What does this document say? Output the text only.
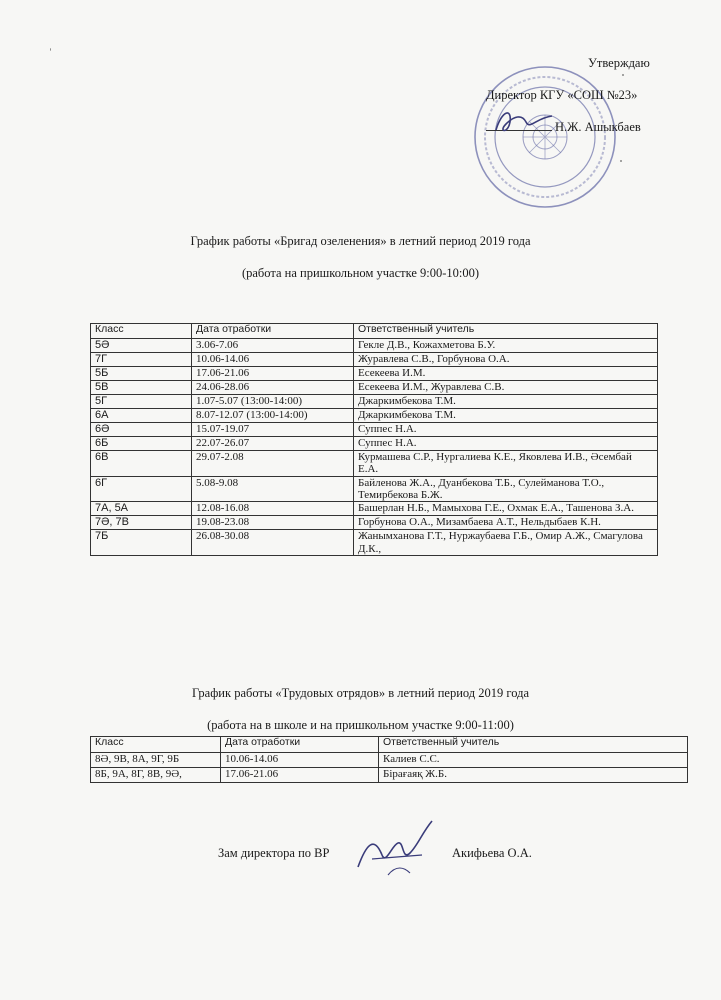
Утверждаю
Директор КГУ «СОШ №23»
Н.Ж. Ашыкбаев
График работы «Бригад озеленения» в летний период 2019 года
(работа на пришкольном участке 9:00-10:00)
Класс	Дата отработки	Ответственный учитель
5Ә	3.06-7.06	Гекле Д.В., Кожахметова Б.У.
7Г	10.06-14.06	Журавлева С.В., Горбунова О.А.
5Б	17.06-21.06	Есекеева И.М.
5В	24.06-28.06	Есекеева И.М., Журавлева С.В.
5Г	1.07-5.07 (13:00-14:00)	Джаркимбекова Т.М.
6А	8.07-12.07 (13:00-14:00)	Джаркимбекова Т.М.
6Ә	15.07-19.07	Суппес Н.А.
6Б	22.07-26.07	Суппес Н.А.
6В	29.07-2.08	Курмашева С.Р., Нургалиева К.Е., Яковлева И.В., Әсембай Е.А.
6Г	5.08-9.08	Байленова Ж.А., Дуанбекова Т.Б., Сулейманова Т.О., Темирбекова Б.Ж.
7А, 5А	12.08-16.08	Башерлан Н.Б., Мамыхова Г.Е., Охмак Е.А., Ташенова З.А.
7Ә, 7В	19.08-23.08	Горбунова О.А., Мизамбаева А.Т., Нельдыбаев К.Н.
7Б	26.08-30.08	Жанымханова Г.Т., Нуржаубаева Г.Б., Омир А.Ж., Смагулова Д.К.,
График работы «Трудовых отрядов» в летний период 2019 года
(работа на в школе и на пришкольном участке 9:00-11:00)
Класс	Дата отработки	Ответственный учитель
8Ә, 9В, 8А, 9Г, 9Б	10.06-14.06	Калиев С.С.
8Б, 9А, 8Г, 8В, 9Ә,	17.06-21.06	Бірағаяқ Ж.Б.
Зам директора по ВР	Акифьева О.А.
